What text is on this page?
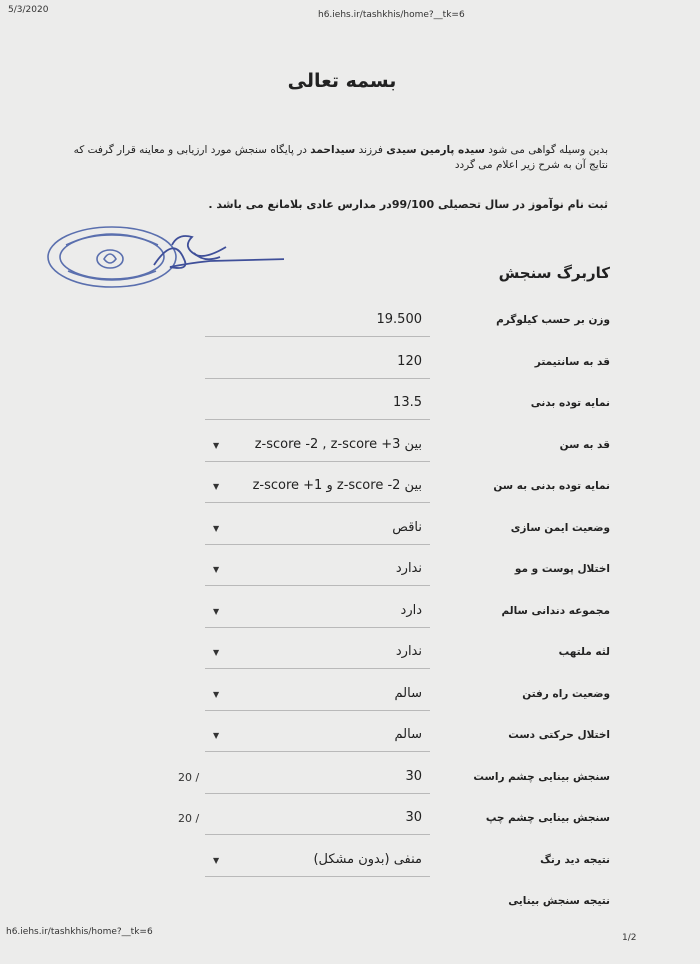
5/3/2020	h6.iehs.ir/tashkhis/home?__tk=6
بسمه تعالی
بدین وسیله گواهی می شود سیده پارمین سیدی فرزند سیداحمد در پایگاه سنجش مورد ارزیابی و معاینه قرار گرفت که
نتایج آن به شرح زیر اعلام می گردد
ثبت نام نوآموز در سال تحصیلی 99/100در مدارس عادی بلامانع می باشد .
کاربرگ سنجش
وزن بر حسب کیلوگرم
19.500
قد به سانتیمتر
120
نمایه توده بدنی
13.5
قد به سن
بین z-score -2 , z-score +3
▼
نمایه توده بدنی به سن
بین z-score -2 و z-score +1
▼
وضعیت ایمن سازی
ناقص
▼
اختلال پوست و مو
ندارد
▼
مجموعه دندانی سالم
دارد
▼
لثه ملتهب
ندارد
▼
وضعیت راه رفتن
سالم
▼
اختلال حرکتی دست
سالم
▼
سنجش بینایی چشم راست
30
20 /
سنجش بینایی چشم چپ
30
20 /
نتیجه دید رنگ
منفی (بدون مشکل)
▼
نتیجه سنجش بینایی
h6.iehs.ir/tashkhis/home?__tk=6
1/2
